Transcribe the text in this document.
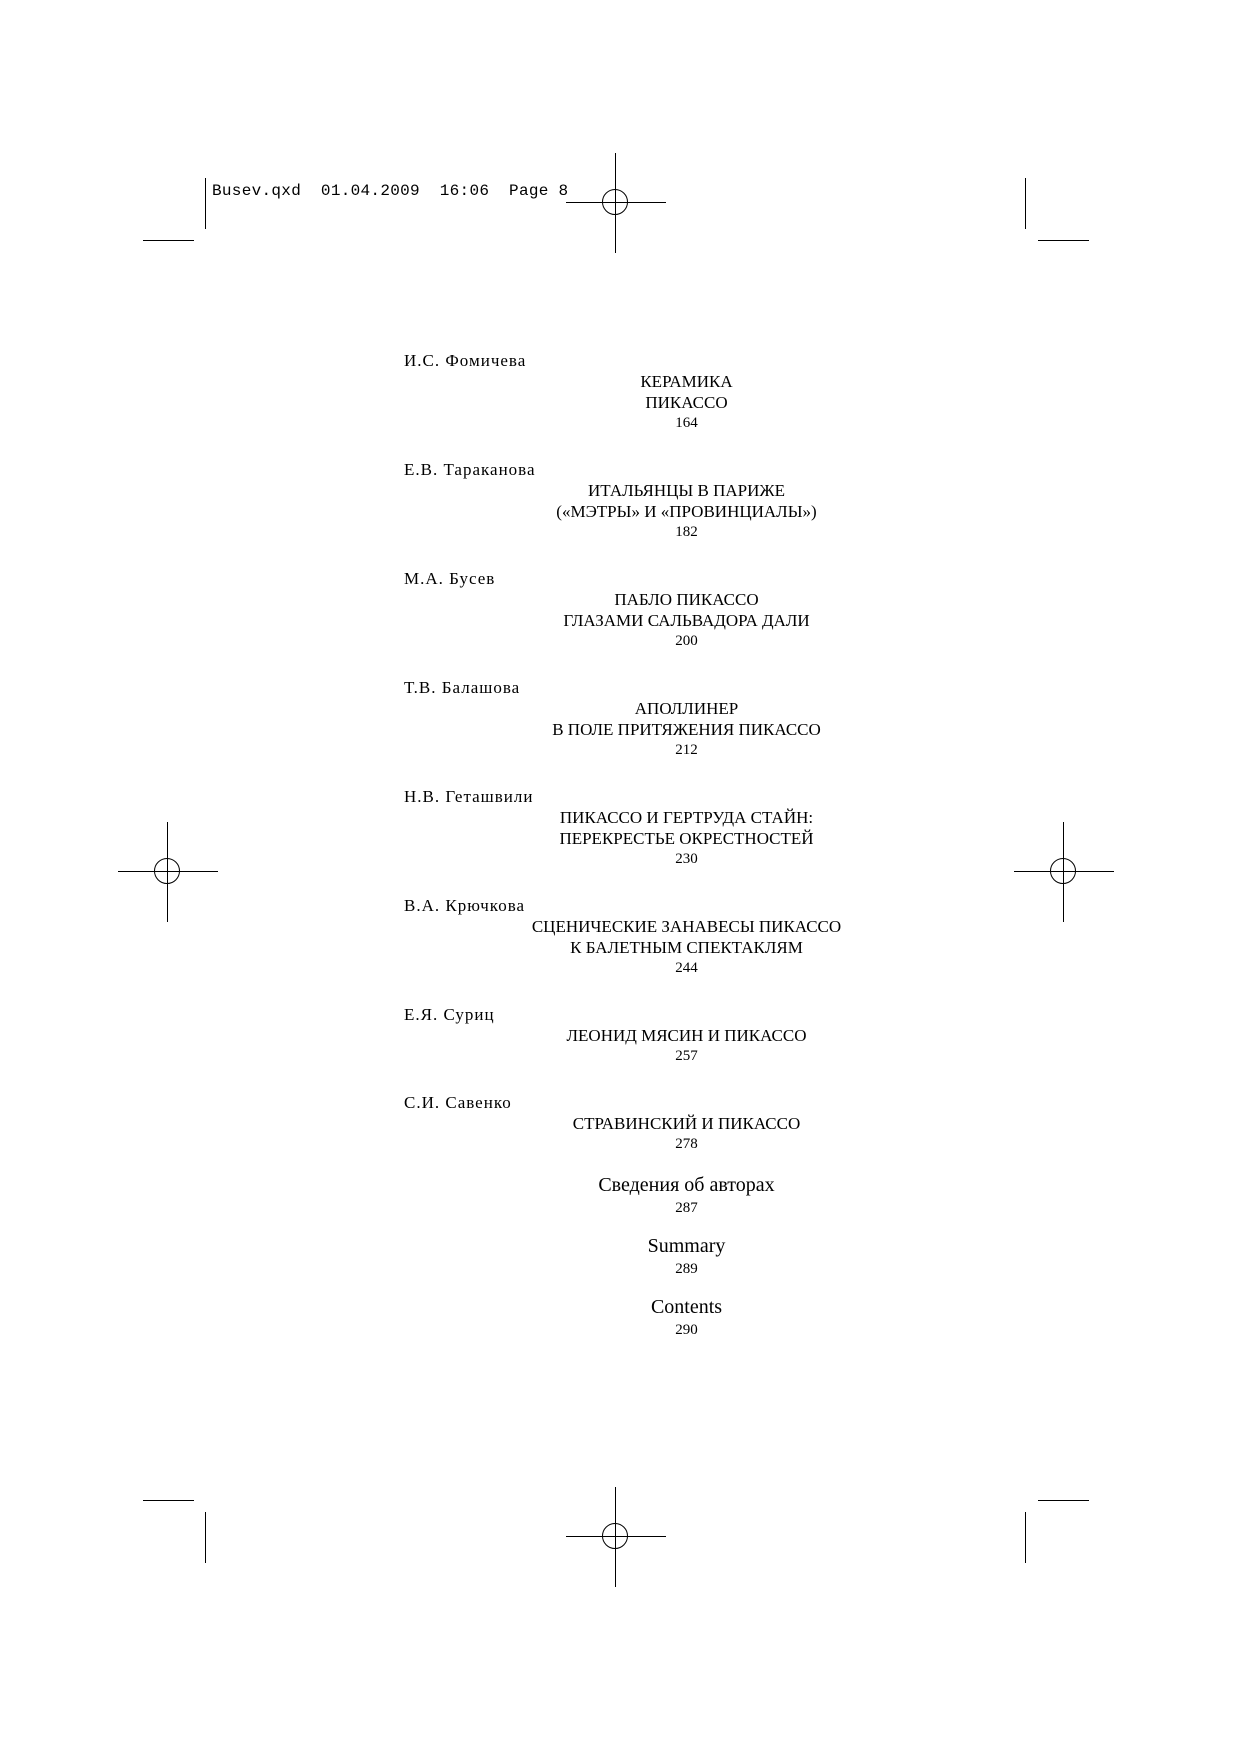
Busev.qxd  01.04.2009  16:06  Page 8
И.С. Фомичева
КЕРАМИКА
ПИКАССО
164
Е.В. Тараканова
ИТАЛЬЯНЦЫ В ПАРИЖЕ
(«МЭТРЫ» И «ПРОВИНЦИАЛЫ»)
182
М.А. Бусев
ПАБЛО ПИКАССО
ГЛАЗАМИ САЛЬВАДОРА ДАЛИ
200
Т.В. Балашова
АПОЛЛИНЕР
В ПОЛЕ ПРИТЯЖЕНИЯ ПИКАССО
212
Н.В. Геташвили
ПИКАССО И ГЕРТРУДА СТАЙН:
ПЕРЕКРЕСТЬЕ ОКРЕСТНОСТЕЙ
230
В.А. Крючкова
СЦЕНИЧЕСКИЕ ЗАНАВЕСЫ ПИКАССО
К БАЛЕТНЫМ СПЕКТАКЛЯМ
244
Е.Я. Суриц
ЛЕОНИД МЯСИН И ПИКАССО
257
С.И. Савенко
СТРАВИНСКИЙ И ПИКАССО
278
Сведения об авторах
287
Summary
289
Contents
290
